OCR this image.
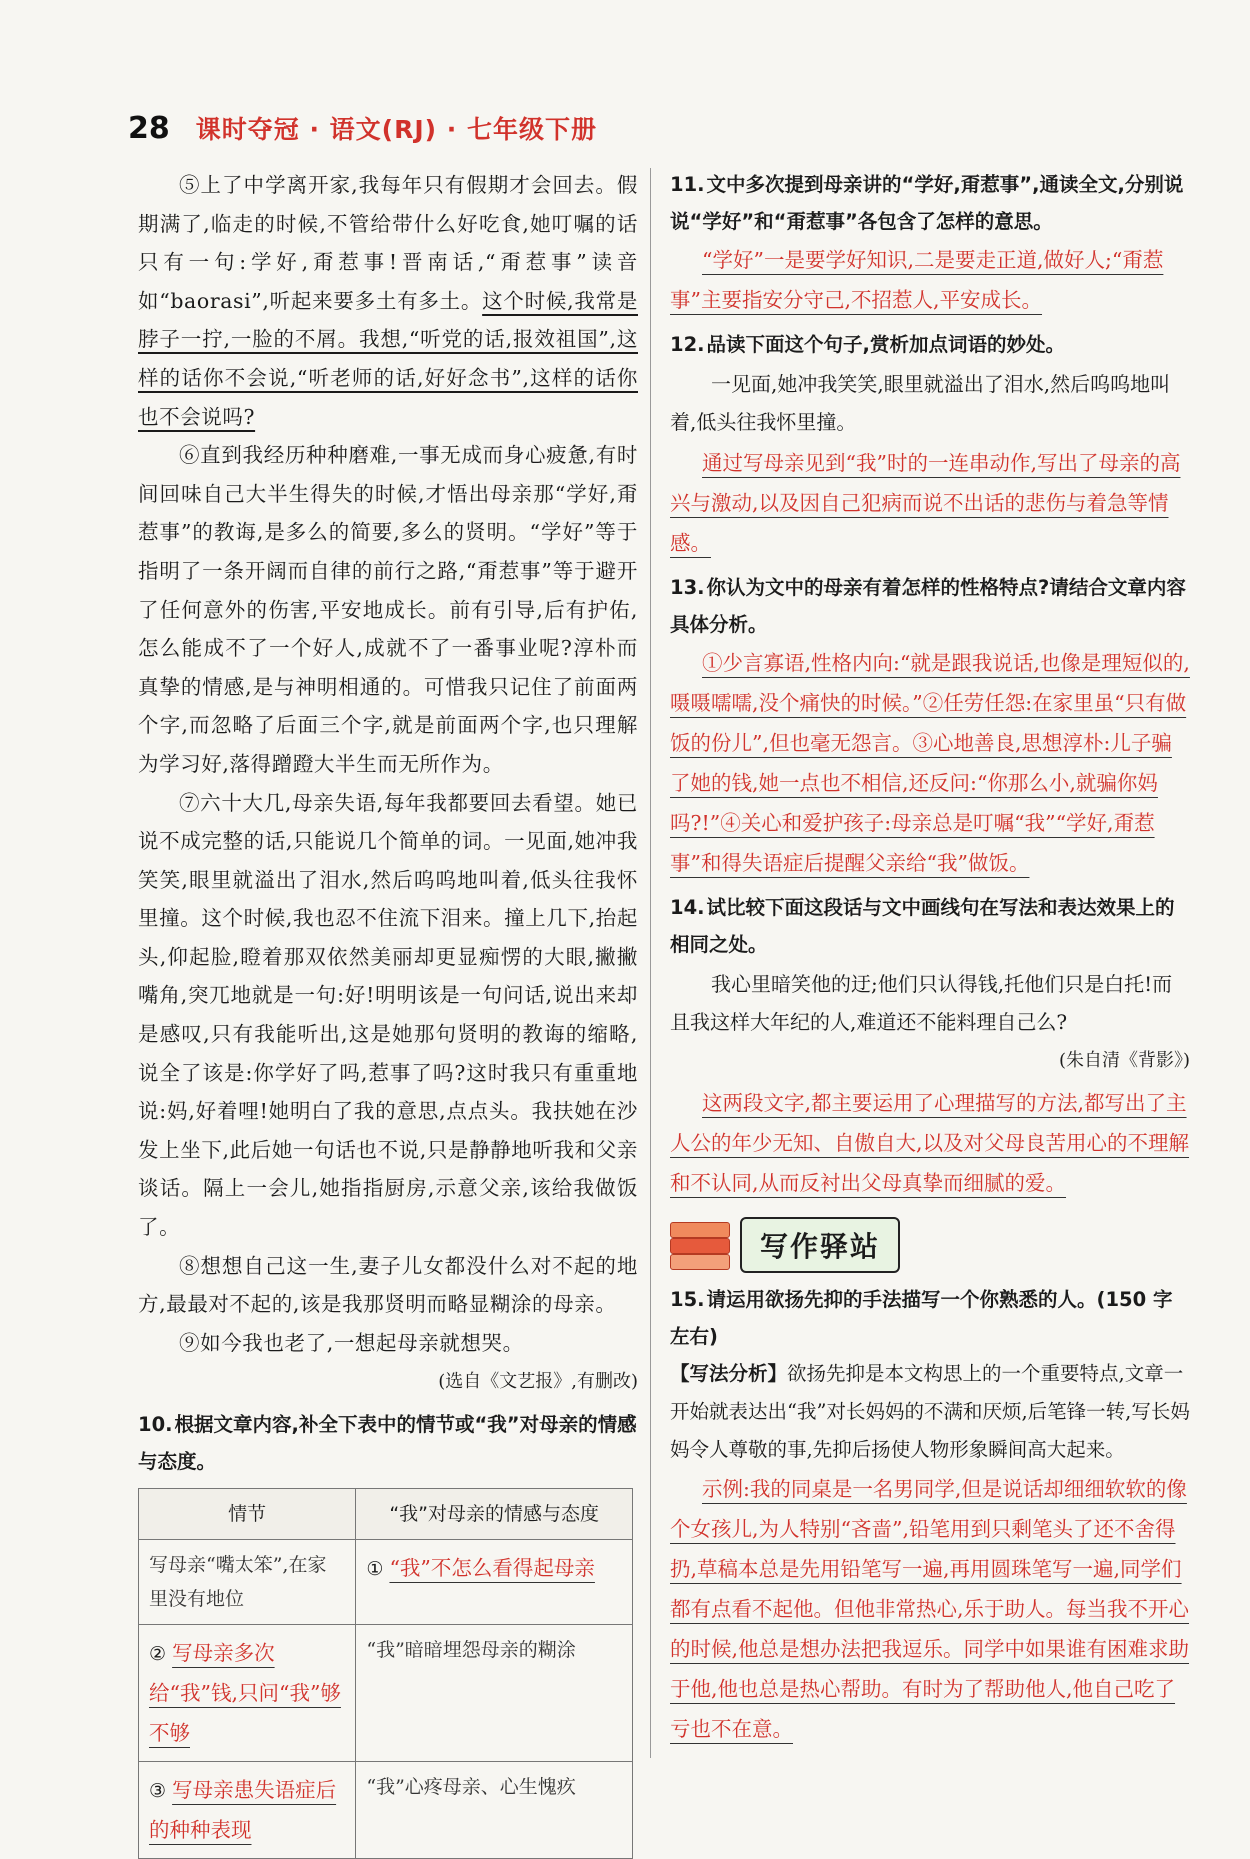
28 课时夺冠 · 语文(RJ) · 七年级下册

⑤上了中学离开家,我每年只有假期才会回去。假期满了,临走的时候,不管给带什么好吃食,她叮嘱的话只有一句:学好,甭惹事!晋南话,“甭惹事”读音如“baorasi”,听起来要多土有多土。这个时候,我常是脖子一拧,一脸的不屑。我想,“听党的话,报效祖国”,这样的话你不会说,“听老师的话,好好念书”,这样的话你也不会说吗?

⑥直到我经历种种磨难,一事无成而身心疲惫,有时间回味自己大半生得失的时候,才悟出母亲那“学好,甭惹事”的教诲,是多么的简要,多么的贤明。“学好”等于指明了一条开阔而自律的前行之路,“甭惹事”等于避开了任何意外的伤害,平安地成长。前有引导,后有护佑,怎么能成不了一个好人,成就不了一番事业呢?淳朴而真挚的情感,是与神明相通的。可惜我只记住了前面两个字,而忽略了后面三个字,就是前面两个字,也只理解为学习好,落得蹭蹬大半生而无所作为。

⑦六十大几,母亲失语,每年我都要回去看望。她已说不成完整的话,只能说几个简单的词。一见面,她冲我笑笑,眼里就溢出了泪水,然后呜呜地叫着,低头往我怀里撞。这个时候,我也忍不住流下泪来。撞上几下,抬起头,仰起脸,瞪着那双依然美丽却更显痴愣的大眼,撇撇嘴角,突兀地就是一句:好!明明该是一句问话,说出来却是感叹,只有我能听出,这是她那句贤明的教诲的缩略,说全了该是:你学好了吗,惹事了吗?这时我只有重重地说:妈,好着哩!她明白了我的意思,点点头。我扶她在沙发上坐下,此后她一句话也不说,只是静静地听我和父亲谈话。隔上一会儿,她指指厨房,示意父亲,该给我做饭了。

⑧想想自己这一生,妻子儿女都没什么对不起的地方,最最对不起的,该是我那贤明而略显糊涂的母亲。

⑨如今我也老了,一想起母亲就想哭。

(选自《文艺报》,有删改)
10. 根据文章内容,补全下表中的情节或“我”对母亲的情感与态度。
情节	“我”对母亲的情感与态度
写母亲“嘴太笨”,在家里没有地位	① “我”不怎么看得起母亲
② 写母亲多次给“我”钱,只问“我”够不够	“我”暗暗埋怨母亲的糊涂
③ 写母亲患失语症后的种种表现	“我”心疼母亲、心生愧疚
11. 文中多次提到母亲讲的“学好,甭惹事”,通读全文,分别说说“学好”和“甭惹事”各包含了怎样的意思。

“学好”一是要学好知识,二是要走正道,做好人;“甭惹事”主要指安分守己,不招惹人,平安成长。

12. 品读下面这个句子,赏析加点词语的妙处。

一见面,她冲我笑笑,眼里就溢出了泪水,然后呜呜地叫着,低头往我怀里撞。

通过写母亲见到“我”时的一连串动作,写出了母亲的高兴与激动,以及因自己犯病而说不出话的悲伤与着急等情感。

13. 你认为文中的母亲有着怎样的性格特点?请结合文章内容具体分析。

①少言寡语,性格内向:“就是跟我说话,也像是理短似的,嗫嗫嚅嚅,没个痛快的时候。”②任劳任怨:在家里虽“只有做饭的份儿”,但也毫无怨言。③心地善良,思想淳朴:儿子骗了她的钱,她一点也不相信,还反问:“你那么小,就骗你妈吗?!”④关心和爱护孩子:母亲总是叮嘱“我”“学好,甭惹事”和得失语症后提醒父亲给“我”做饭。

14. 试比较下面这段话与文中画线句在写法和表达效果上的相同之处。

我心里暗笑他的迂;他们只认得钱,托他们只是白托!而且我这样大年纪的人,难道还不能料理自己么?

(朱自清《背影》)

这两段文字,都主要运用了心理描写的方法,都写出了主人公的年少无知、自傲自大,以及对父母良苦用心的不理解和不认同,从而反衬出父母真挚而细腻的爱。

写作驿站
15. 请运用欲扬先抑的手法描写一个你熟悉的人。(150 字左右)

【写法分析】欲扬先抑是本文构思上的一个重要特点,文章一开始就表达出“我”对长妈妈的不满和厌烦,后笔锋一转,写长妈妈令人尊敬的事,先抑后扬使人物形象瞬间高大起来。

示例:我的同桌是一名男同学,但是说话却细细软软的像个女孩儿,为人特别“吝啬”,铅笔用到只剩笔头了还不舍得扔,草稿本总是先用铅笔写一遍,再用圆珠笔写一遍,同学们都有点看不起他。但他非常热心,乐于助人。每当我不开心的时候,他总是想办法把我逗乐。同学中如果谁有困难求助于他,他也总是热心帮助。有时为了帮助他人,他自己吃了亏也不在意。
